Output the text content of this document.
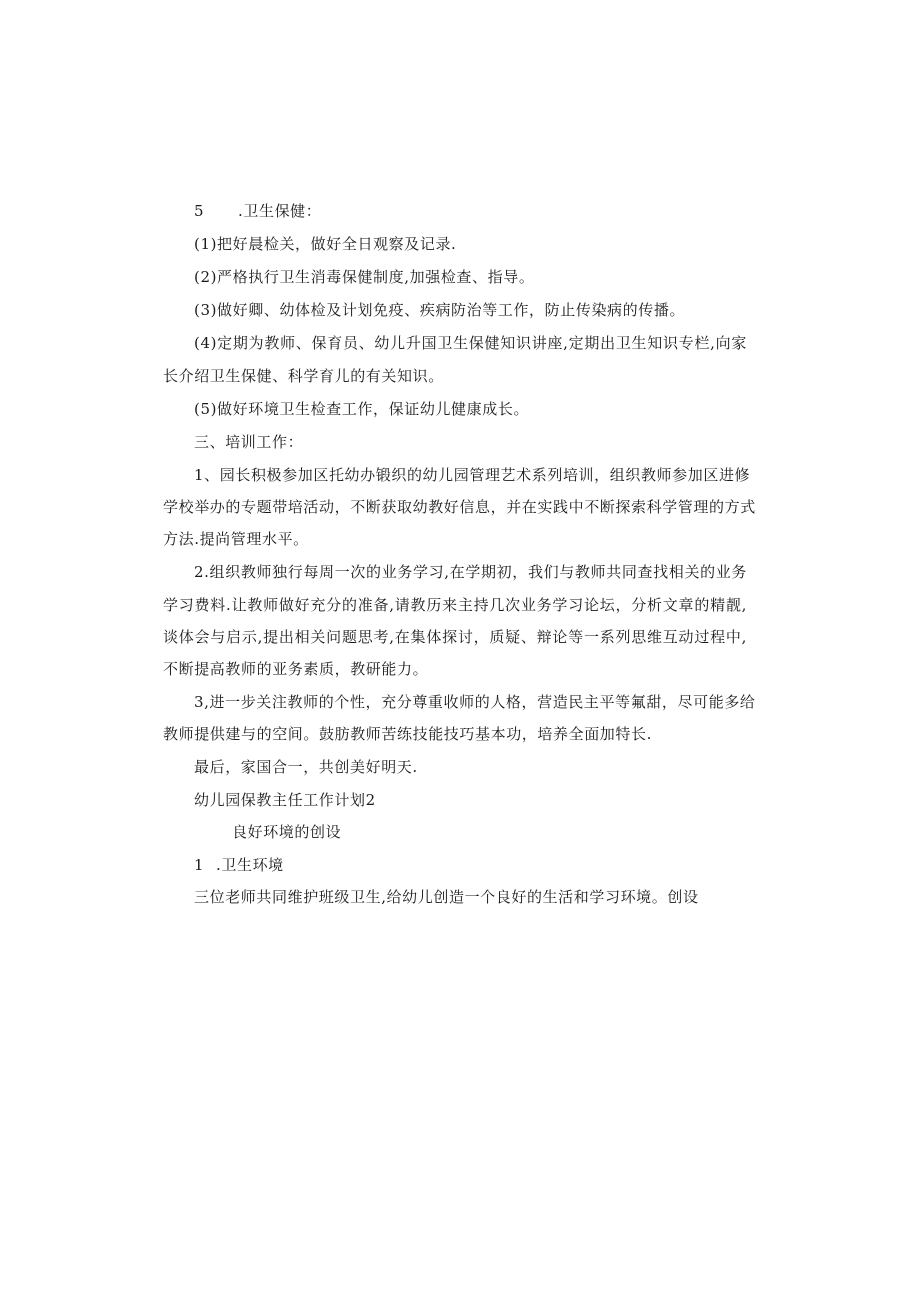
5 .卫生保健：
(1)把好晨检关，做好全日观察及记录.
(2)严格执行卫生消毒保健制度,加强检查、指导。
(3)做好卿、幼体检及计划免疫、疾病防治等工作，防止传染病的传播。
(4)定期为教师、保育员、幼儿升国卫生保健知识讲座,定期出卫生知识专栏,向家
长介绍卫生保健、科学育儿的有关知识。
(5)做好环境卫生检查工作，保证幼儿健康成长。
三、培训工作：
1、园长积极参加区托幼办锻织的幼儿园管理艺术系列培训，组织教师参加区进修
学校举办的专题带培活动，不断获取幼教好信息，并在实践中不断探索科学管理的方式
方法.提尚管理水平。
2.组织教师独行每周一次的业务学习,在学期初，我们与教师共同查找相关的业务
学习费料.让教师做好充分的准备,请教历来主持几次业务学习论坛，分析文章的精靓,
谈体会与启示,提出相关问题思考,在集体探讨，质疑、辩论等一系列思维互动过程中,
不断提高教师的亚务素质，教研能力。
3,进一步关注教师的个性，充分尊重收师的人格，营造民主平等氟甜，尽可能多给
教师提供建与的空间。鼓肪教师苦练技能技巧基本功，培养全面加特长.
最后，家国合一，共创美好明天.
幼儿园保教主任工作计划2
良好环境的创设
1 .卫生环境
三位老师共同维护班级卫生,给幼儿创造一个良好的生活和学习环境。创设
